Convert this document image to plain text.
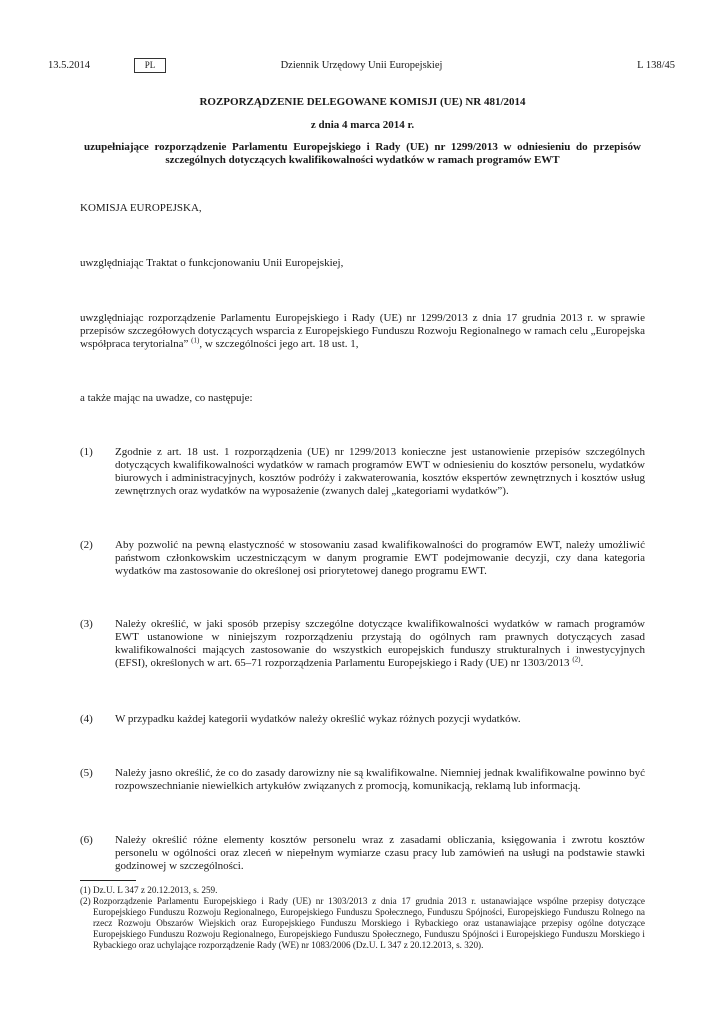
13.5.2014	PL	Dziennik Urzędowy Unii Europejskiej	L 138/45
ROZPORZĄDZENIE DELEGOWANE KOMISJI (UE) NR 481/2014
z dnia 4 marca 2014 r.
uzupełniające rozporządzenie Parlamentu Europejskiego i Rady (UE) nr 1299/2013 w odniesieniu do przepisów szczególnych dotyczących kwalifikowalności wydatków w ramach programów EWT
KOMISJA EUROPEJSKA,
uwzględniając Traktat o funkcjonowaniu Unii Europejskiej,
uwzględniając rozporządzenie Parlamentu Europejskiego i Rady (UE) nr 1299/2013 z dnia 17 grudnia 2013 r. w sprawie przepisów szczegółowych dotyczących wsparcia z Europejskiego Funduszu Rozwoju Regionalnego w ramach celu „Europejska współpraca terytorialna” $^{(1)}$, w szczególności jego art. 18 ust. 1,
a także mając na uwadze, co następuje:
(1)	Zgodnie z art. 18 ust. 1 rozporządzenia (UE) nr 1299/2013 konieczne jest ustanowienie przepisów szczególnych dotyczących kwalifikowalności wydatków w ramach programów EWT w odniesieniu do kosztów personelu, wydatków biurowych i administracyjnych, kosztów podróży i zakwaterowania, kosztów ekspertów zewnętrznych i kosztów usług zewnętrznych oraz wydatków na wyposażenie (zwanych dalej „kategoriami wydatków”).
(2)	Aby pozwolić na pewną elastyczność w stosowaniu zasad kwalifikowalności do programów EWT, należy umożliwić państwom członkowskim uczestniczącym w danym programie EWT podejmowanie decyzji, czy dana kategoria wydatków ma zastosowanie do określonej osi priorytetowej danego programu EWT.
(3)	Należy określić, w jaki sposób przepisy szczególne dotyczące kwalifikowalności wydatków w ramach programów EWT ustanowione w niniejszym rozporządzeniu przystają do ogólnych ram prawnych dotyczących zasad kwalifikowalności mających zastosowanie do wszystkich europejskich funduszy strukturalnych i inwestycyjnych (EFSI), określonych w art. 65–71 rozporządzenia Parlamentu Europejskiego i Rady (UE) nr 1303/2013 $^{(2)}$.
(4)	W przypadku każdej kategorii wydatków należy określić wykaz różnych pozycji wydatków.
(5)	Należy jasno określić, że co do zasady darowizny nie są kwalifikowalne. Niemniej jednak kwalifikowalne powinno być rozpowszechnianie niewielkich artykułów związanych z promocją, komunikacją, reklamą lub informacją.
(6)	Należy określić różne elementy kosztów personelu wraz z zasadami obliczania, księgowania i zwrotu kosztów personelu w ogólności oraz zleceń w niepełnym wymiarze czasu pracy lub zamówień na usługi na podstawie stawki godzinowej w szczególności.
(1) Dz.U. L 347 z 20.12.2013, s. 259.
(2) Rozporządzenie Parlamentu Europejskiego i Rady (UE) nr 1303/2013 z dnia 17 grudnia 2013 r. ustanawiające wspólne przepisy dotyczące Europejskiego Funduszu Rozwoju Regionalnego, Europejskiego Funduszu Społecznego, Funduszu Spójności, Europejskiego Funduszu Rolnego na rzecz Rozwoju Obszarów Wiejskich oraz Europejskiego Funduszu Morskiego i Rybackiego oraz ustanawiające przepisy ogólne dotyczące Europejskiego Funduszu Rozwoju Regionalnego, Europejskiego Funduszu Społecznego, Funduszu Spójności i Europejskiego Funduszu Morskiego i Rybackiego oraz uchylające rozporządzenie Rady (WE) nr 1083/2006 (Dz.U. L 347 z 20.12.2013, s. 320).
